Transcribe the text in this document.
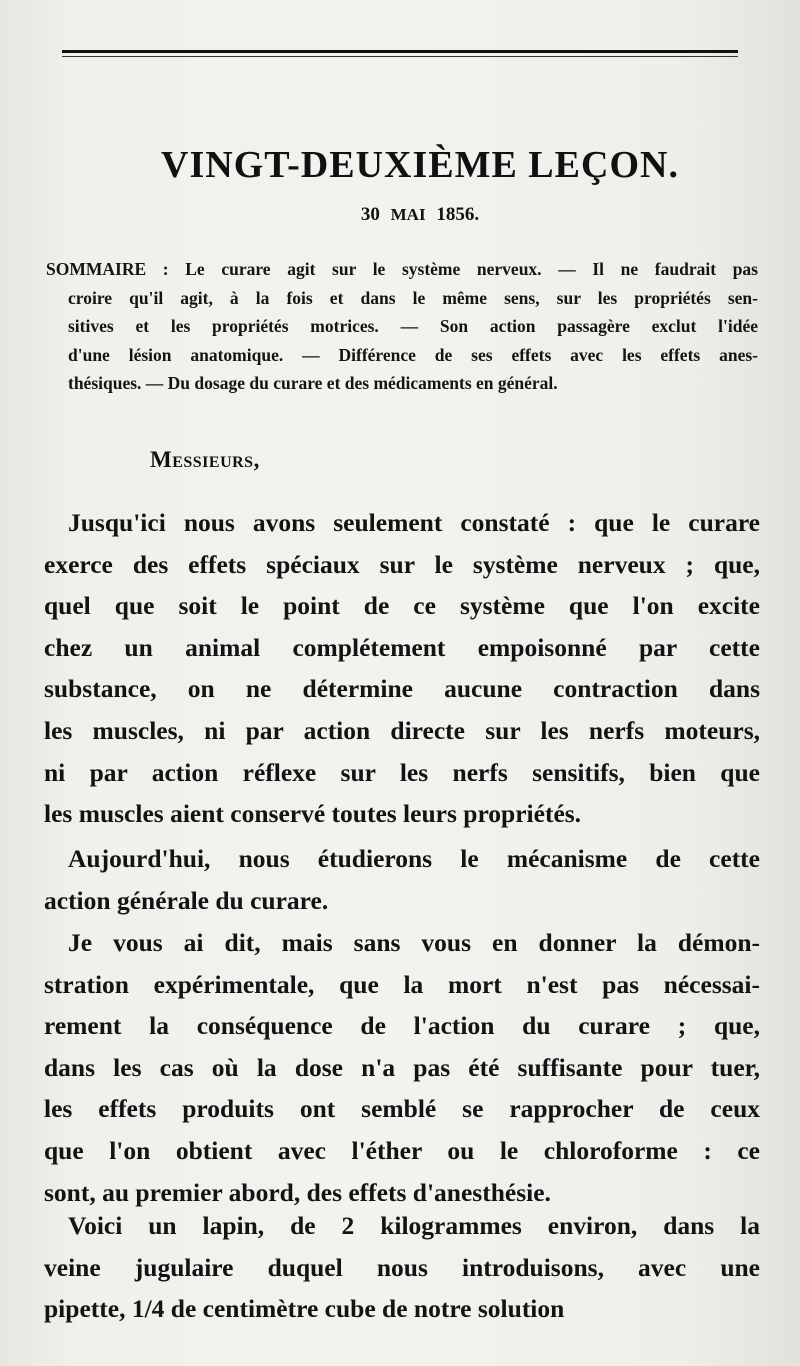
VINGT-DEUXIÈME LEÇON.
30 MAI 1856.
SOMMAIRE : Le curare agit sur le système nerveux. — Il ne faudrait pas
croire qu'il agit, à la fois et dans le même sens, sur les propriétés sen-
sitives et les propriétés motrices. — Son action passagère exclut l'idée
d'une lésion anatomique. — Différence de ses effets avec les effets anes-
thésiques. — Du dosage du curare et des médicaments en général.
Messieurs,
Jusqu'ici nous avons seulement constaté : que le curare
exerce des effets spéciaux sur le système nerveux ; que,
quel que soit le point de ce système que l'on excite
chez un animal complétement empoisonné par cette
substance, on ne détermine aucune contraction dans
les muscles, ni par action directe sur les nerfs moteurs,
ni par action réflexe sur les nerfs sensitifs, bien que
les muscles aient conservé toutes leurs propriétés.
Aujourd'hui, nous étudierons le mécanisme de cette
action générale du curare.
Je vous ai dit, mais sans vous en donner la démon-
stration expérimentale, que la mort n'est pas nécessai-
rement la conséquence de l'action du curare ; que,
dans les cas où la dose n'a pas été suffisante pour tuer,
les effets produits ont semblé se rapprocher de ceux
que l'on obtient avec l'éther ou le chloroforme : ce
sont, au premier abord, des effets d'anesthésie.
Voici un lapin, de 2 kilogrammes environ, dans la
veine jugulaire duquel nous introduisons, avec une
pipette, 1/4 de centimètre cube de notre solution
